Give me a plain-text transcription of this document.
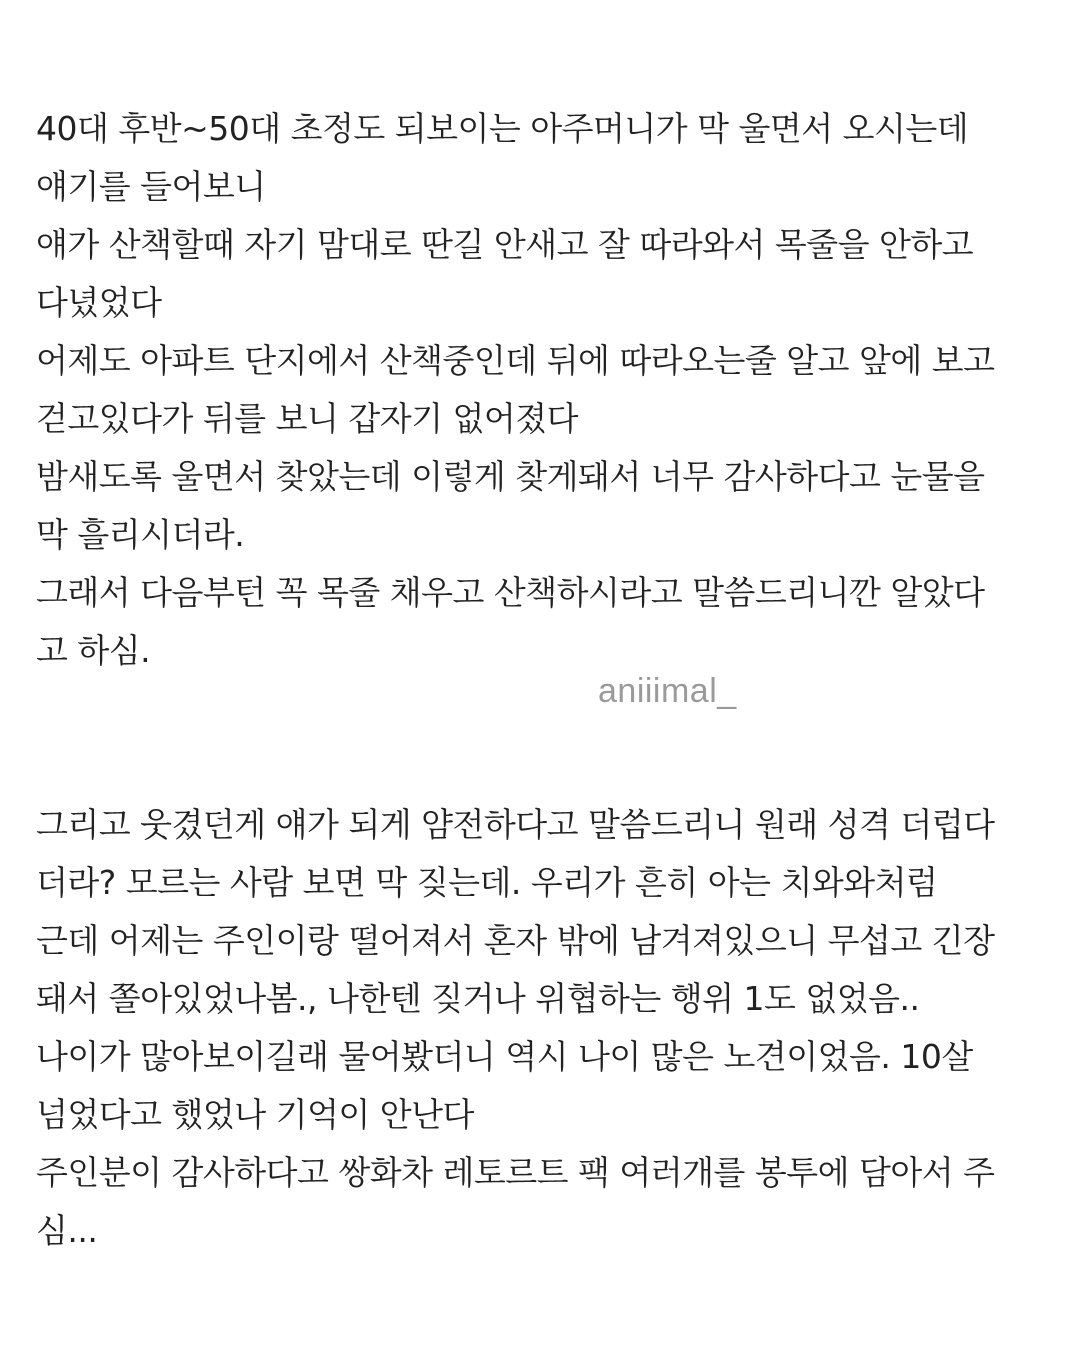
40대 후반~50대 초정도 되보이는 아주머니가 막 울면서 오시는데
얘기를 들어보니
얘가 산책할때 자기 맘대로 딴길 안새고 잘 따라와서 목줄을 안하고
다녔었다
어제도 아파트 단지에서 산책중인데 뒤에 따라오는줄 알고 앞에 보고
걷고있다가 뒤를 보니 갑자기 없어졌다
밤새도록 울면서 찾았는데 이렇게 찾게돼서 너무 감사하다고 눈물을
막 흘리시더라.
그래서 다음부턴 꼭 목줄 채우고 산책하시라고 말씀드리니깐 알았다
고 하심.
그리고 웃겼던게 얘가 되게 얌전하다고 말씀드리니 원래 성격 더럽다
더라? 모르는 사람 보면 막 짖는데. 우리가 흔히 아는 치와와처럼
근데 어제는 주인이랑 떨어져서 혼자 밖에 남겨져있으니 무섭고 긴장
돼서 쫄아있었나봄., 나한텐 짖거나 위협하는 행위 1도 없었음..
나이가 많아보이길래 물어봤더니 역시 나이 많은 노견이었음. 10살
넘었다고 했었나 기억이 안난다
주인분이 감사하다고 쌍화차 레토르트 팩 여러개를 봉투에 담아서 주
심...
aniiimal_
